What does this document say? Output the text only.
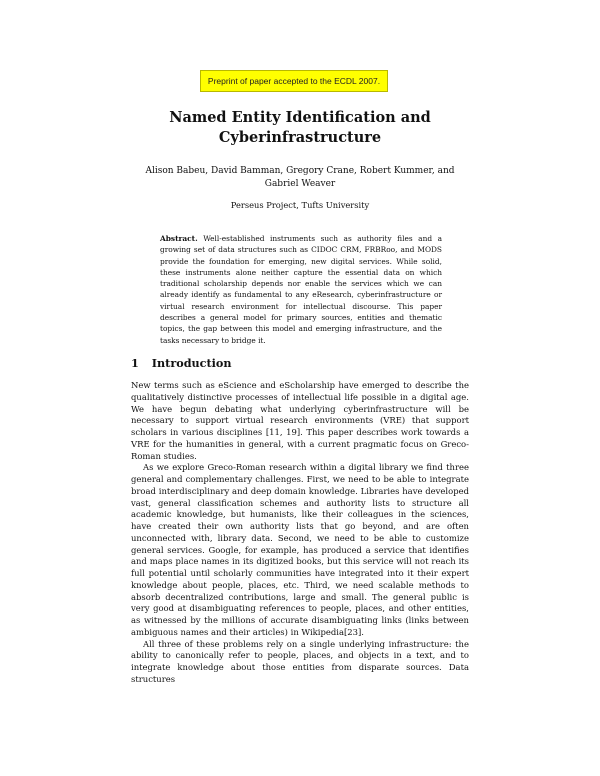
Preprint of paper accepted to the ECDL 2007.
Named Entity Identification and Cyberinfrastructure
Alison Babeu, David Bamman, Gregory Crane, Robert Kummer, and Gabriel Weaver
Perseus Project, Tufts University
Abstract. Well-established instruments such as authority files and a growing set of data structures such as CIDOC CRM, FRBRoo, and MODS provide the foundation for emerging, new digital services. While solid, these instruments alone neither capture the essential data on which traditional scholarship depends nor enable the services which we can already identify as fundamental to any eResearch, cyberinfrastructure or virtual research environment for intellectual discourse. This paper describes a general model for primary sources, entities and thematic topics, the gap between this model and emerging infrastructure, and the tasks necessary to bridge it.
1 Introduction

New terms such as eScience and eScholarship have emerged to describe the qualitatively distinctive processes of intellectual life possible in a digital age. We have begun debating what underlying cyberinfrastructure will be necessary to support virtual research environments (VRE) that support scholars in various disciplines [11, 19]. This paper describes work towards a VRE for the humanities in general, with a current pragmatic focus on Greco-Roman studies.

As we explore Greco-Roman research within a digital library we find three general and complementary challenges. First, we need to be able to integrate broad interdisciplinary and deep domain knowledge. Libraries have developed vast, general classification schemes and authority lists to structure all academic knowledge, but humanists, like their colleagues in the sciences, have created their own authority lists that go beyond, and are often unconnected with, library data. Second, we need to be able to customize general services. Google, for example, has produced a service that identifies and maps place names in its digitized books, but this service will not reach its full potential until scholarly communities have integrated into it their expert knowledge about people, places, etc. Third, we need scalable methods to absorb decentralized contributions, large and small. The general public is very good at disambiguating references to people, places, and other entities, as witnessed by the millions of accurate disambiguating links (links between ambiguous names and their articles) in Wikipedia[23].

All three of these problems rely on a single underlying infrastructure: the ability to canonically refer to people, places, and objects in a text, and to integrate knowledge about those entities from disparate sources. Data structures
